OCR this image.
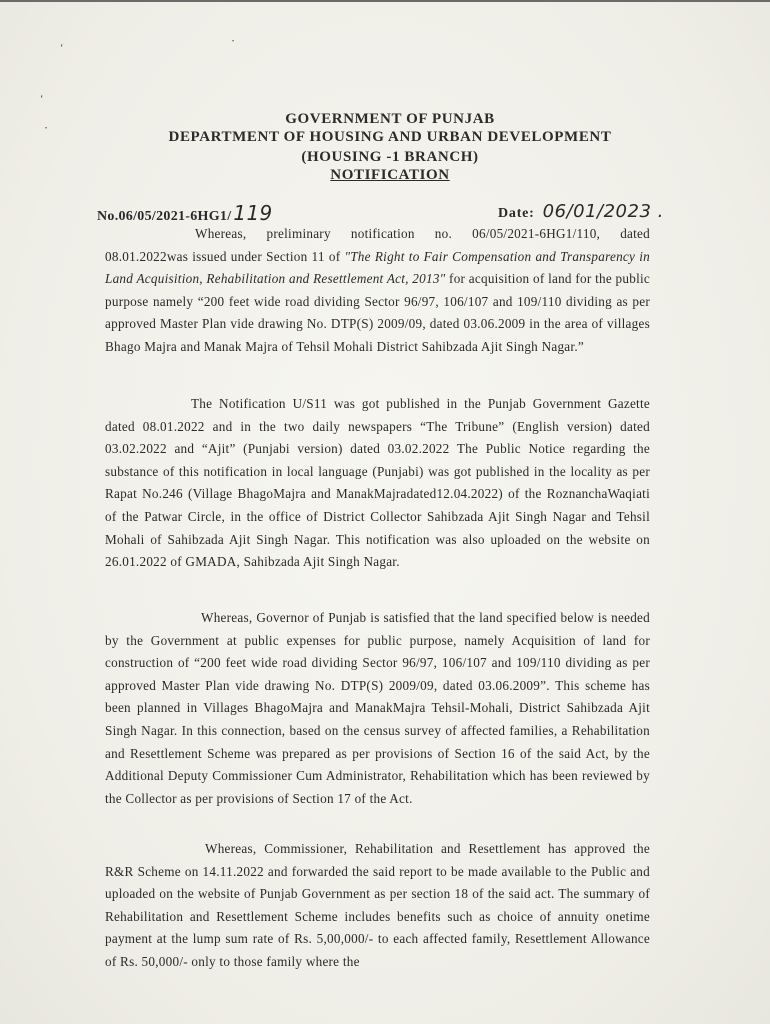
‘
‘
•
•
GOVERNMENT OF PUNJAB
DEPARTMENT OF HOUSING AND URBAN DEVELOPMENT
(HOUSING -1 BRANCH)
NOTIFICATION
No.06/05/2021-6HG1/ 119	Date: 06/01/2023 .

Whereas, preliminary notification no. 06/05/2021-6HG1/110, dated 08.01.2022was issued under Section 11 of "The Right to Fair Compensation and Transparency in Land Acquisition, Rehabilitation and Resettlement Act, 2013" for acquisition of land for the public purpose namely “200 feet wide road dividing Sector 96/97, 106/107 and 109/110 dividing as per approved Master Plan vide drawing No. DTP(S) 2009/09, dated 03.06.2009 in the area of villages Bhago Majra and Manak Majra of Tehsil Mohali District Sahibzada Ajit Singh Nagar.”

The Notification U/S11 was got published in the Punjab Government Gazette dated 08.01.2022 and in the two daily newspapers “The Tribune” (English version) dated 03.02.2022 and “Ajit” (Punjabi version) dated 03.02.2022 The Public Notice regarding the substance of this notification in local language (Punjabi) was got published in the locality as per Rapat No.246 (Village BhagoMajra and ManakMajradated12.04.2022) of the RoznanchaWaqiati of the Patwar Circle, in the office of District Collector Sahibzada Ajit Singh Nagar and Tehsil Mohali of Sahibzada Ajit Singh Nagar. This notification was also uploaded on the website on 26.01.2022 of GMADA, Sahibzada Ajit Singh Nagar.

Whereas, Governor of Punjab is satisfied that the land specified below is needed by the Government at public expenses for public purpose, namely Acquisition of land for construction of “200 feet wide road dividing Sector 96/97, 106/107 and 109/110 dividing as per approved Master Plan vide drawing No. DTP(S) 2009/09, dated 03.06.2009”. This scheme has been planned in Villages BhagoMajra and ManakMajra Tehsil-Mohali, District Sahibzada Ajit Singh Nagar. In this connection, based on the census survey of affected families, a Rehabilitation and Resettlement Scheme was prepared as per provisions of Section 16 of the said Act, by the Additional Deputy Commissioner Cum Administrator, Rehabilitation which has been reviewed by the Collector as per provisions of Section 17 of the Act.

Whereas, Commissioner, Rehabilitation and Resettlement has approved the R&R Scheme on 14.11.2022 and forwarded the said report to be made available to the Public and uploaded on the website of Punjab Government as per section 18 of the said act. The summary of Rehabilitation and Resettlement Scheme includes benefits such as choice of annuity onetime payment at the lump sum rate of Rs. 5,00,000/- to each affected family, Resettlement Allowance of Rs. 50,000/- only to those family where the
